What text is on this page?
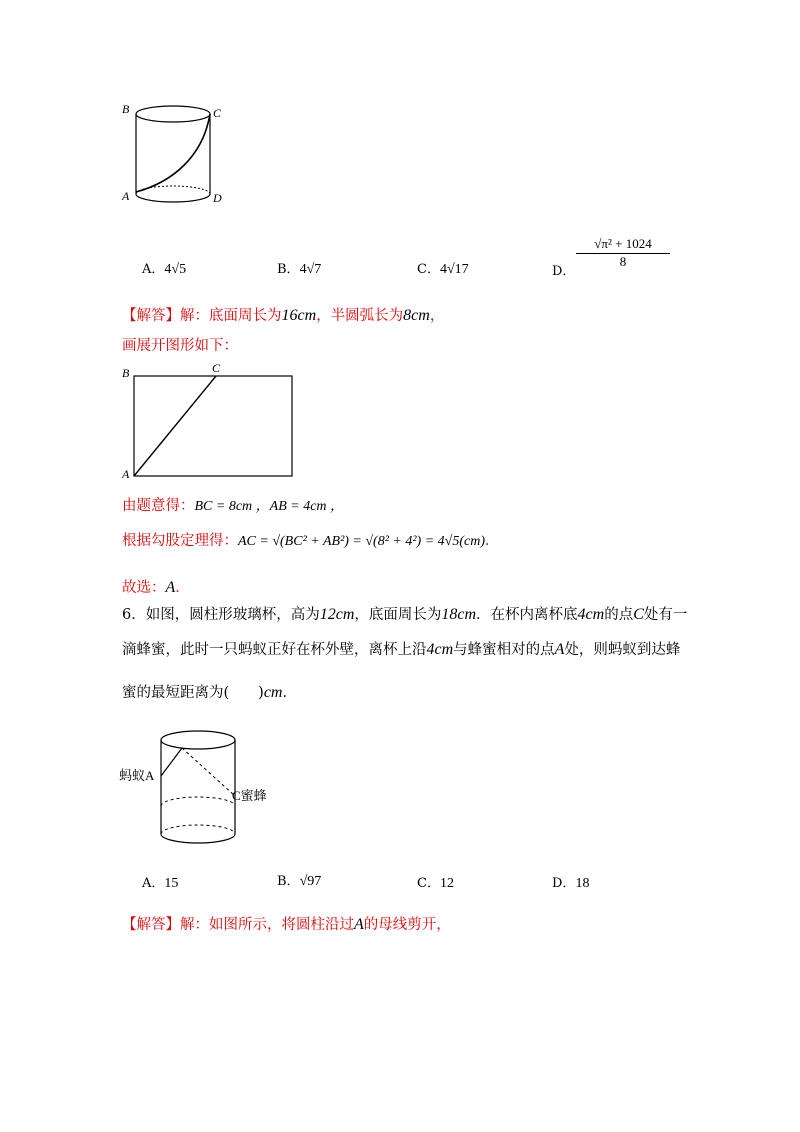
B	C
A	D
A．4√5	B．4√7	C．4√17	D．
$\frac{\text{√π² + 1024}}{8}$
【解答】解：底面周长为16cm，半圆弧长为8cm，
画展开图形如下：
B	C
A
由题意得：BC = 8cm ，AB = 4cm ，
根据勾股定理得：AC = √(BC² + AB²) = √(8² + 4²) = 4√5(cm)．
故选：A．
6．如图，圆柱形玻璃杯，高为12cm，底面周长为18cm．在杯内离杯底4cm的点C处有一
滴蜂蜜，此时一只蚂蚁正好在杯外壁，离杯上沿4cm与蜂蜜相对的点A处，则蚂蚁到达蜂
蜜的最短距离为(　　)cm．
蚂蚁A
C蜜蜂
A．15	B．√97	C．12	D．18
【解答】解：如图所示，将圆柱沿过A的母线剪开，
